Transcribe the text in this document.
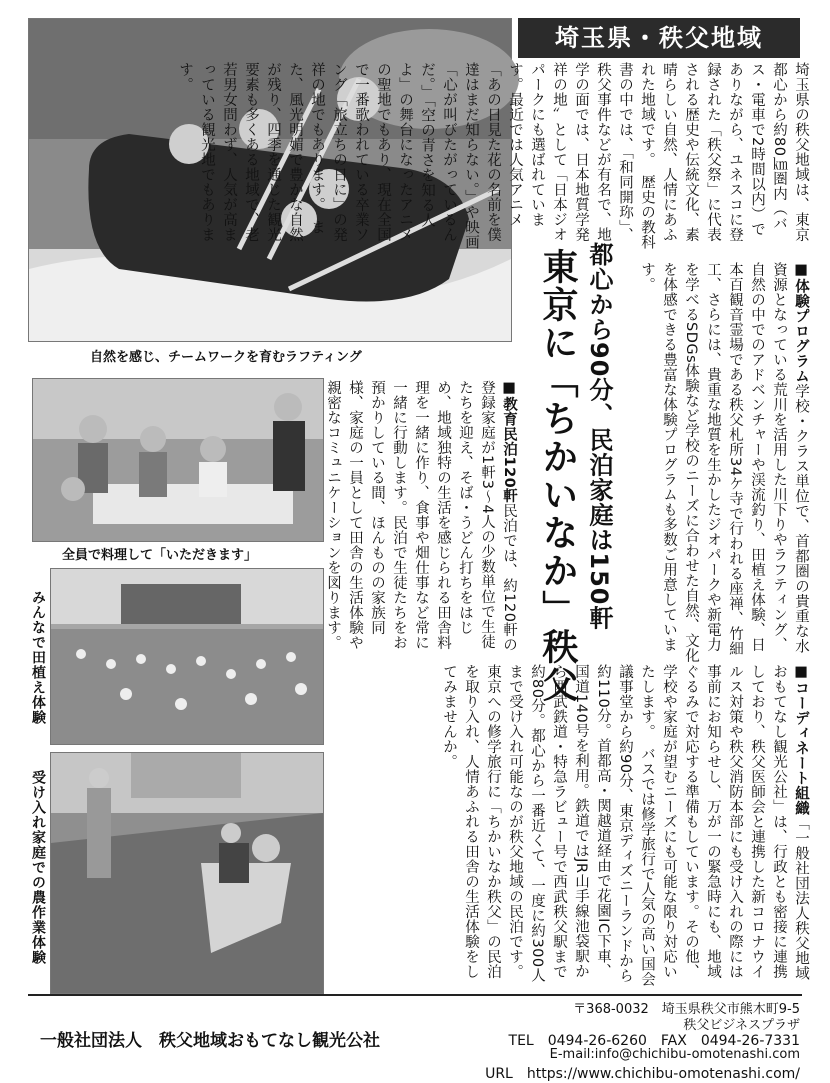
埼玉県・秩父地域
自然を感じ、チームワークを育むラフティング
全員で料理して「いただきます」
みんなで田植え体験
受け入れ家庭での農作業体験
東京に「ちかいなか」秩父 都心から90分、民泊家庭は150軒
埼玉県の秩父地域は、東京都心から約80㎞圏内（バス・電車で2時間以内）でありながら、ユネスコに登録された「秩父祭」に代表される歴史や伝統文化、素晴らしい自然、人情にあふれた地域です。　歴史の教科書の中では、「和同開珎」、秩父事件などが有名で、地学の面では、日本地質学発祥の地〟として「日本ジオパークにも選ばれています。最近では人気アニメ「あの日見た花の名前を僕達はまだ知らない。」や映画「心が叫びたがっているんだ。」「空の青さを知る人よ」の舞台になったアニメの聖地でもあり、現在全国で一番歌われている卒業ソング「旅立ちの日に」の発祥の地でもあります。　また、風光明媚で豊かな自然が残り、四季を通じた観光要素も多くある地域で、老若男女問わず、人気が高まっている観光地でもあります。
■教育民泊120軒民泊では、約120軒の登録家庭が1軒3〜4人の少数単位で生徒たちを迎え、そば・うどん打ちをはじめ、地域独特の生活を感じられる田舎料理を一緒に作り、食事や畑仕事など常に一緒に行動します。民泊で生徒たちをお預かりしている間、ほんものの家族同様、家庭の一員として田舎の生活体験や親密なコミュニケーションを図ります。
■体験プログラム学校・クラス単位で、首都圏の貴重な水資源となっている荒川を活用した川下りやラフティング、自然の中でのアドベンチャーや渓流釣り、田植え体験、日本百観音霊場である秩父札所34ケ寺で行われる座禅、竹細工、さらには、貴重な地質を生かしたジオパークや新電力を学べるSDGs体験など学校のニーズに合わせた自然、文化を体感できる豊富な体験プログラムも多数ご用意しています。
■コーディネート組織「一般社団法人秩父地域おもてなし観光公社」は、行政とも密接に連携しており、秩父医師会と連携した新コロナウイルス対策や秩父消防本部にも受け入れの際には事前にお知らせし、万が一の緊急時にも、地域ぐるみで対応する準備もしています。その他、学校や家庭が望むニーズにも可能な限り対応いたします。　バスでは修学旅行で人気の高い国会議事堂から約90分、東京ディズニーランドから約110分。首都高・関越道経由で花園IC下車、国道140号を利用。鉄道ではJR山手線池袋駅から西武鉄道・特急ラビュー号で西武秩父駅まで約80分。都心から一番近くて、一度に約300人まで受け入れ可能なのが秩父地域の民泊です。　東京への修学旅行に「ちかいなか秩父」の民泊を取り入れ、人情あふれる田舎の生活体験をしてみませんか。
一般社団法人　秩父地域おもてなし観光公社
〒368-0032　埼玉県秩父市熊木町9-5
秩父ビジネスプラザ
TEL　0494-26-6260　FAX　0494-26-7331
E-mail:info@chichibu-omotenashi.com
URL　https://www.chichibu-omotenashi.com/
